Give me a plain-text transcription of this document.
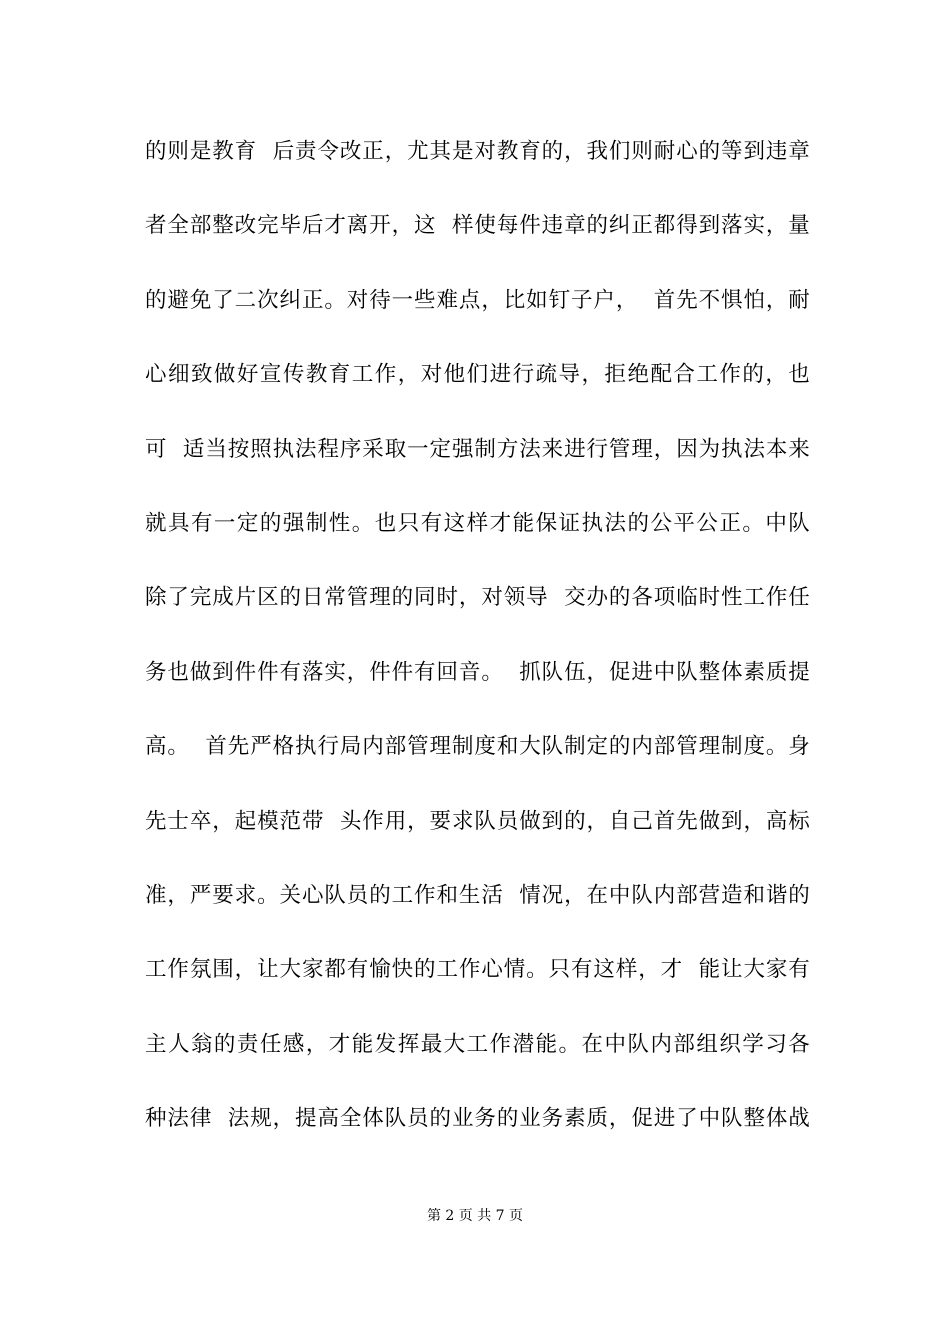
的则是教育  后责令改正，尤其是对教育的，我们则耐心的等到违章
者全部整改完毕后才离开，这  样使每件违章的纠正都得到落实，量
的避免了二次纠正。对待一些难点，比如钉子户，  首先不惧怕，耐
心细致做好宣传教育工作，对他们进行疏导，拒绝配合工作的，也
可  适当按照执法程序采取一定强制方法来进行管理，因为执法本来
就具有一定的强制性。也只有这样才能保证执法的公平公正。中队
除了完成片区的日常管理的同时，对领导  交办的各项临时性工作任
务也做到件件有落实，件件有回音。  抓队伍，促进中队整体素质提
高。  首先严格执行局内部管理制度和大队制定的内部管理制度。身
先士卒，起模范带  头作用，要求队员做到的，自己首先做到，高标
准，严要求。关心队员的工作和生活  情况，在中队内部营造和谐的
工作氛围，让大家都有愉快的工作心情。只有这样，才  能让大家有
主人翁的责任感，才能发挥最大工作潜能。在中队内部组织学习各
种法律  法规，提高全体队员的业务的业务素质，促进了中队整体战
第 2 页 共 7 页
